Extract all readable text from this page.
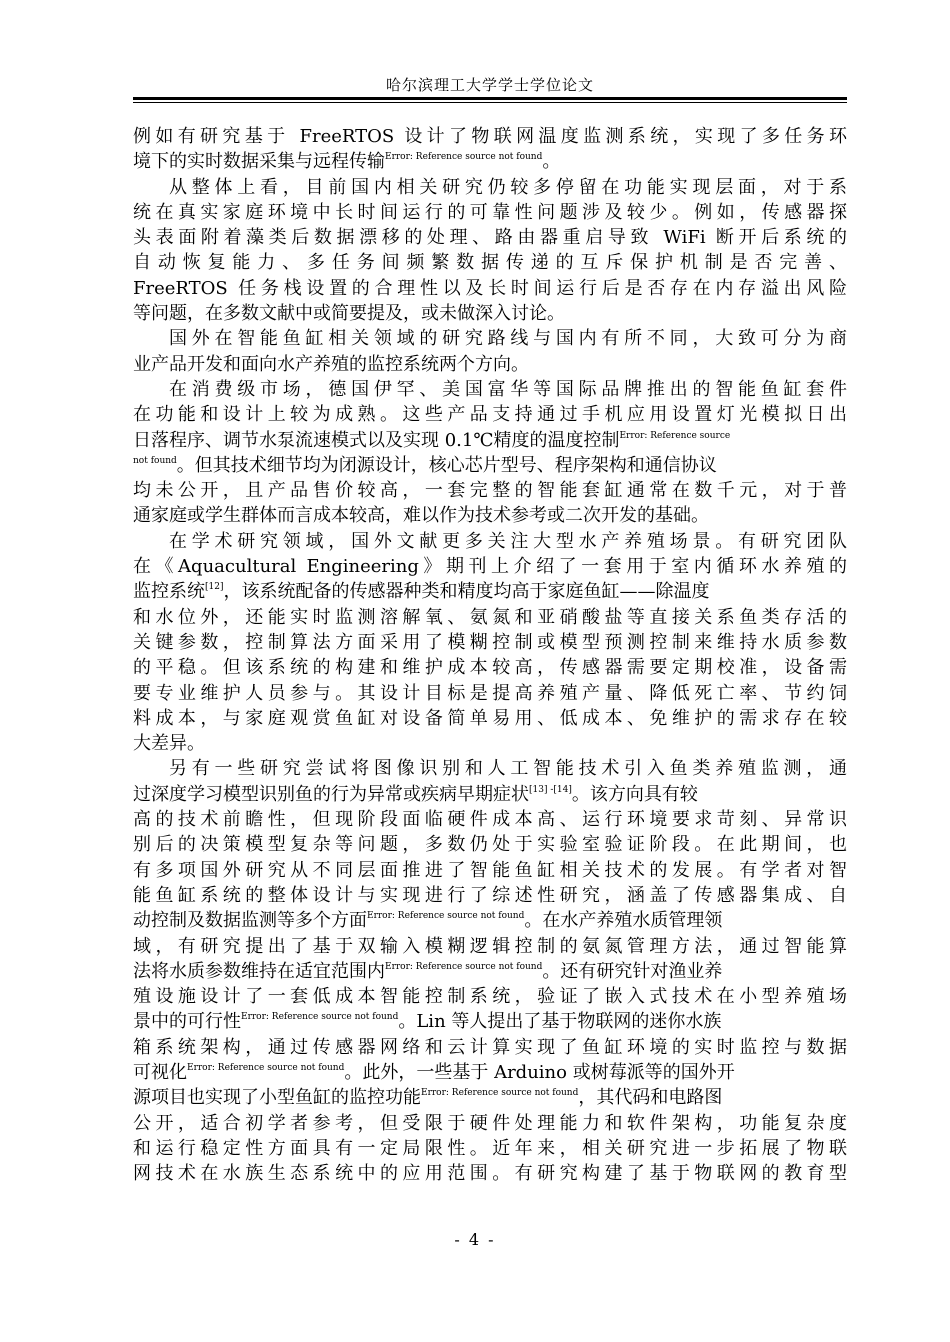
哈尔滨理工大学学士学位论文
例如有研究基于 FreeRTOS 设计了物联网温度监测系统，实现了多任务环
境下的实时数据采集与远程传输$^{Error: Reference source not found}$。
从整体上看，目前国内相关研究仍较多停留在功能实现层面，对于系
统在真实家庭环境中长时间运行的可靠性问题涉及较少。例如，传感器探
头表面附着藻类后数据漂移的处理、路由器重启导致 WiFi 断开后系统的
自动恢复能力、多任务间频繁数据传递的互斥保护机制是否完善、
FreeRTOS 任务栈设置的合理性以及长时间运行后是否存在内存溢出风险
等问题，在多数文献中或简要提及，或未做深入讨论。
国外在智能鱼缸相关领域的研究路线与国内有所不同，大致可分为商
业产品开发和面向水产养殖的监控系统两个方向。
在消费级市场，德国伊罕、美国富华等国际品牌推出的智能鱼缸套件
在功能和设计上较为成熟。这些产品支持通过手机应用设置灯光模拟日出
日落程序、调节水泵流速模式以及实现 0.1℃精度的温度控制$^{Error: Reference source}$
$^{not found}$。但其技术细节均为闭源设计，核心芯片型号、程序架构和通信协议
均未公开，且产品售价较高，一套完整的智能套缸通常在数千元，对于普
通家庭或学生群体而言成本较高，难以作为技术参考或二次开发的基础。
在学术研究领域，国外文献更多关注大型水产养殖场景。有研究团队
在《Aquacultural Engineering》期刊上介绍了一套用于室内循环水养殖的
监控系统[12]，该系统配备的传感器种类和精度均高于家庭鱼缸——除温度
和水位外，还能实时监测溶解氧、氨氮和亚硝酸盐等直接关系鱼类存活的
关键参数，控制算法方面采用了模糊控制或模型预测控制来维持水质参数
的平稳。但该系统的构建和维护成本较高，传感器需要定期校准，设备需
要专业维护人员参与。其设计目标是提高养殖产量、降低死亡率、节约饲
料成本，与家庭观赏鱼缸对设备简单易用、低成本、免维护的需求存在较
大差异。
另有一些研究尝试将图像识别和人工智能技术引入鱼类养殖监测，通
过深度学习模型识别鱼的行为异常或疾病早期症状[13] -[14]。该方向具有较
高的技术前瞻性，但现阶段面临硬件成本高、运行环境要求苛刻、异常识
别后的决策模型复杂等问题，多数仍处于实验室验证阶段。在此期间，也
有多项国外研究从不同层面推进了智能鱼缸相关技术的发展。有学者对智
能鱼缸系统的整体设计与实现进行了综述性研究，涵盖了传感器集成、自
动控制及数据监测等多个方面$^{Error: Reference source not found}$。在水产养殖水质管理领
域，有研究提出了基于双输入模糊逻辑控制的氨氮管理方法，通过智能算
法将水质参数维持在适宜范围内$^{Error: Reference source not found}$。还有研究针对渔业养
殖设施设计了一套低成本智能控制系统，验证了嵌入式技术在小型养殖场
景中的可行性$^{Error: Reference source not found}$。Lin 等人提出了基于物联网的迷你水族
箱系统架构，通过传感器网络和云计算实现了鱼缸环境的实时监控与数据
可视化$^{Error: Reference source not found}$。此外，一些基于 Arduino 或树莓派等的国外开
源项目也实现了小型鱼缸的监控功能$^{Error: Reference source not found}$，其代码和电路图
公开，适合初学者参考，但受限于硬件处理能力和软件架构，功能复杂度
和运行稳定性方面具有一定局限性。近年来，相关研究进一步拓展了物联
网技术在水族生态系统中的应用范围。有研究构建了基于物联网的教育型
- 4 -
